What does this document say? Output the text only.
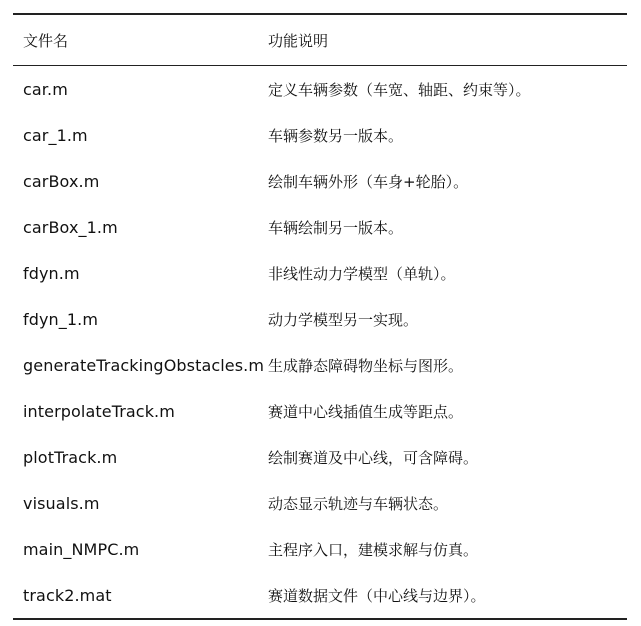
文件名	功能说明
car.m	定义车辆参数（车宽、轴距、约束等）。
car_1.m	车辆参数另一版本。
carBox.m	绘制车辆外形（车身+轮胎）。
carBox_1.m	车辆绘制另一版本。
fdyn.m	非线性动力学模型（单轨）。
fdyn_1.m	动力学模型另一实现。
generateTrackingObstacles.m	生成静态障碍物坐标与图形。
interpolateTrack.m	赛道中心线插值生成等距点。
plotTrack.m	绘制赛道及中心线，可含障碍。
visuals.m	动态显示轨迹与车辆状态。
main_NMPC.m	主程序入口，建模求解与仿真。
track2.mat	赛道数据文件（中心线与边界）。
